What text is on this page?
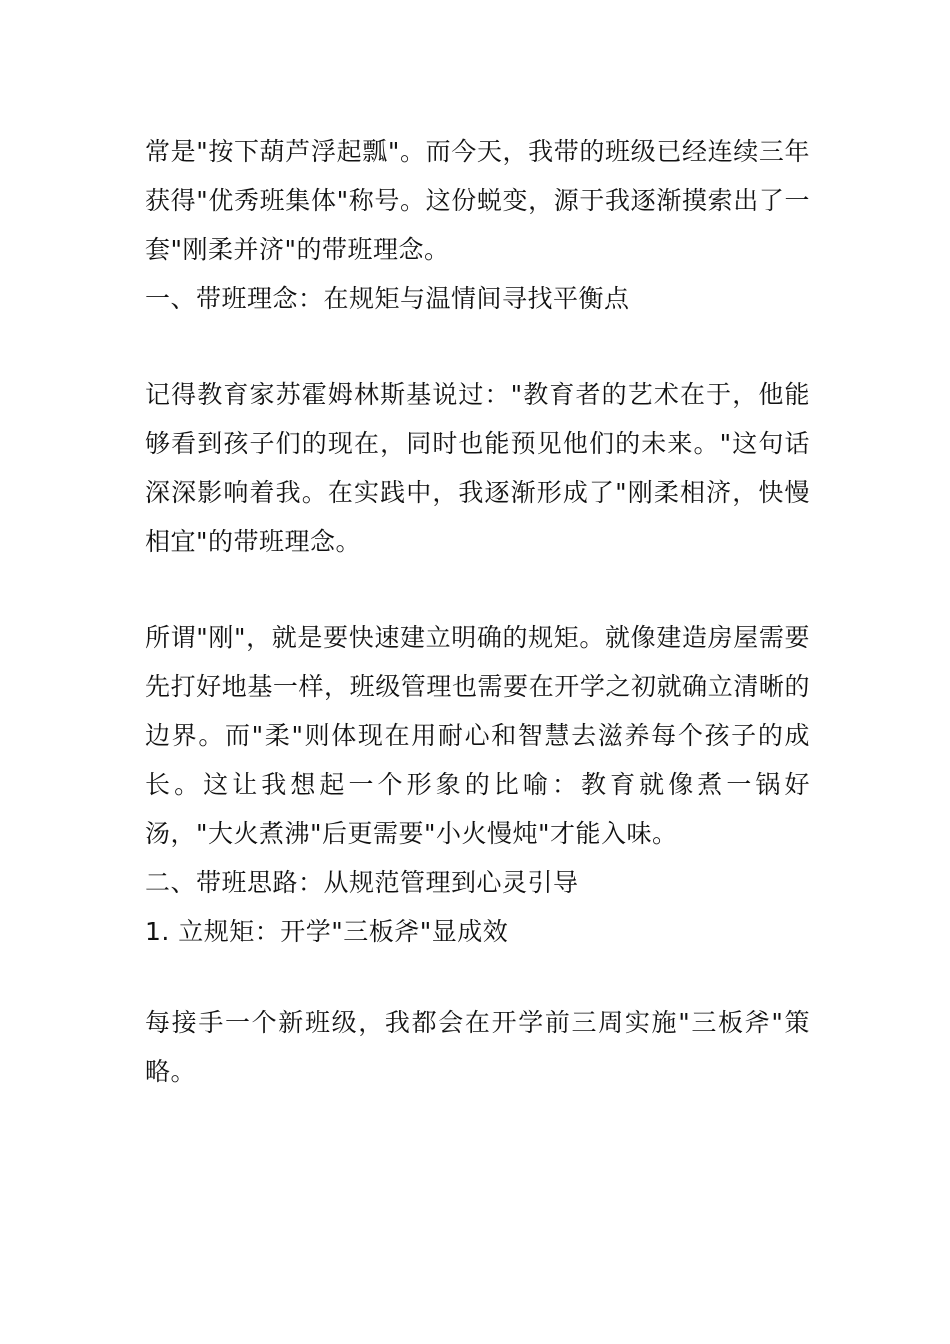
常是"按下葫芦浮起瓢"。而今天，我带的班级已经连续三年获得"优秀班集体"称号。这份蜕变，源于我逐渐摸索出了一套"刚柔并济"的带班理念。

一、带班理念：在规矩与温情间寻找平衡点

记得教育家苏霍姆林斯基说过："教育者的艺术在于，他能够看到孩子们的现在，同时也能预见他们的未来。"这句话深深影响着我。在实践中，我逐渐形成了"刚柔相济，快慢相宜"的带班理念。

所谓"刚"，就是要快速建立明确的规矩。就像建造房屋需要先打好地基一样，班级管理也需要在开学之初就确立清晰的边界。而"柔"则体现在用耐心和智慧去滋养每个孩子的成长。这让我想起一个形象的比喻：教育就像煮一锅好汤，"大火煮沸"后更需要"小火慢炖"才能入味。

二、带班思路：从规范管理到心灵引导

1. 立规矩：开学"三板斧"显成效

每接手一个新班级，我都会在开学前三周实施"三板斧"策略。
